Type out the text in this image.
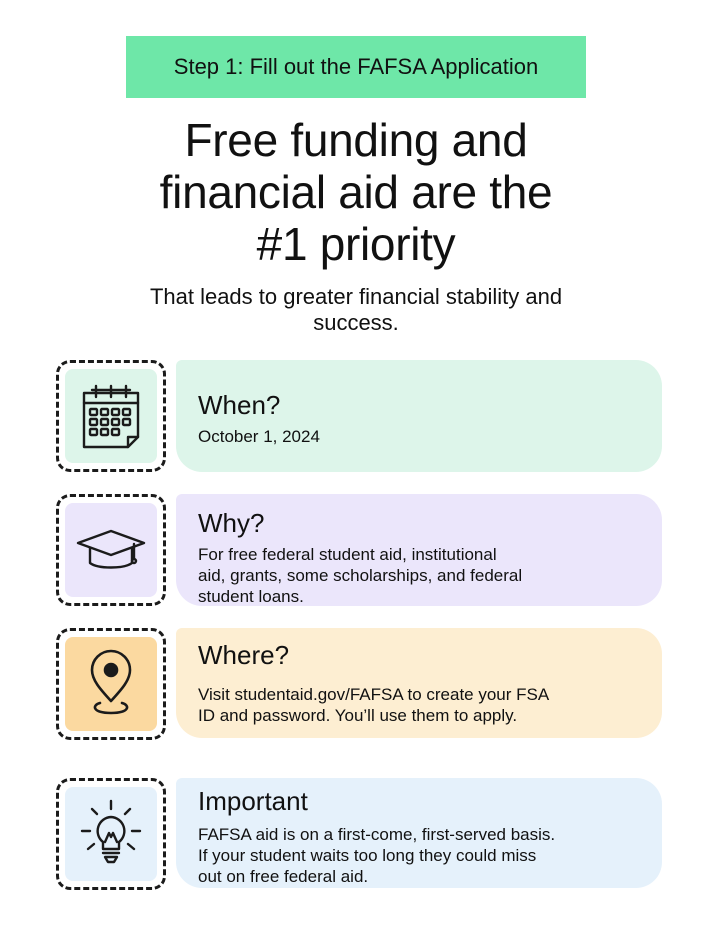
Step 1: Fill out the FAFSA Application
Free funding and
financial aid are the
#1 priority

That leads to greater financial stability and
success.

When?
October 1, 2024
Why?
For free federal student aid, institutional
aid, grants, some scholarships, and federal
student loans.
Where?
Visit studentaid.gov/FAFSA to create your FSA
ID and password. You’ll use them to apply.
Important
FAFSA aid is on a first-come, first-served basis.
If your student waits too long they could miss
out on free federal aid.
